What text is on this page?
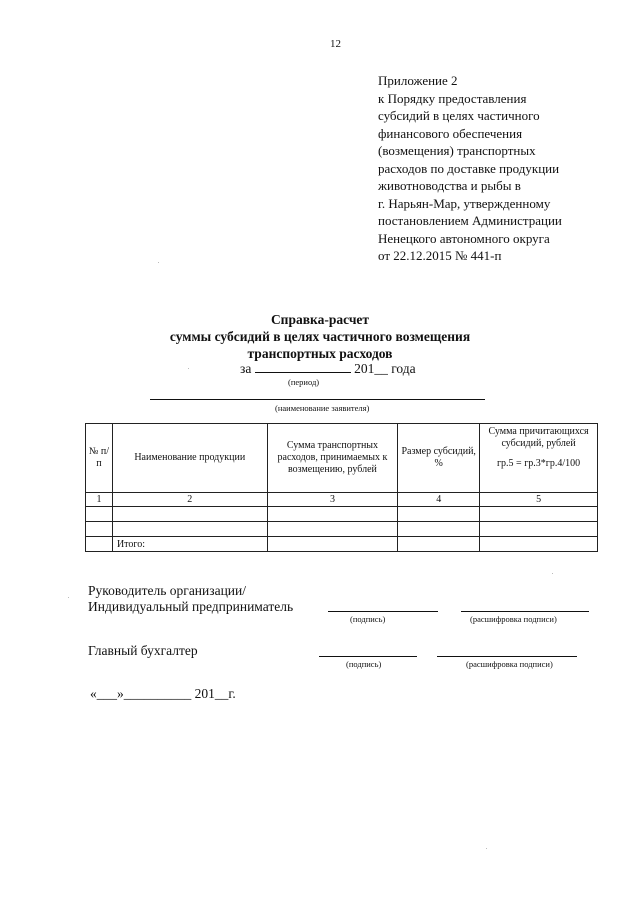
12
Приложение 2
к Порядку предоставления
субсидий в целях частичного
финансового обеспечения
(возмещения) транспортных
расходов по доставке продукции
животноводства и рыбы в
г. Нарьян-Мар, утвержденному
постановлением Администрации
Ненецкого автономного округа
от 22.12.2015 № 441-п
Справка-расчет
суммы субсидий в целях частичного возмещения
транспортных расходов
за	201__ года
(период)
(наименование заявителя)
№ п/п	Наименование продукции	Сумма транспортных расходов, принимаемых к возмещению, рублей	Размер субсидий, %	Сумма причитающихся субсидий, рублей
гр.5 = гр.3*гр.4/100

1	2	3	4	5

	Итого:			
Руководитель организации/
Индивидуальный предприниматель
(подпись)	(расшифровка подписи)
Главный бухгалтер
(подпись)	(расшифровка подписи)
«___»__________ 201__г.
